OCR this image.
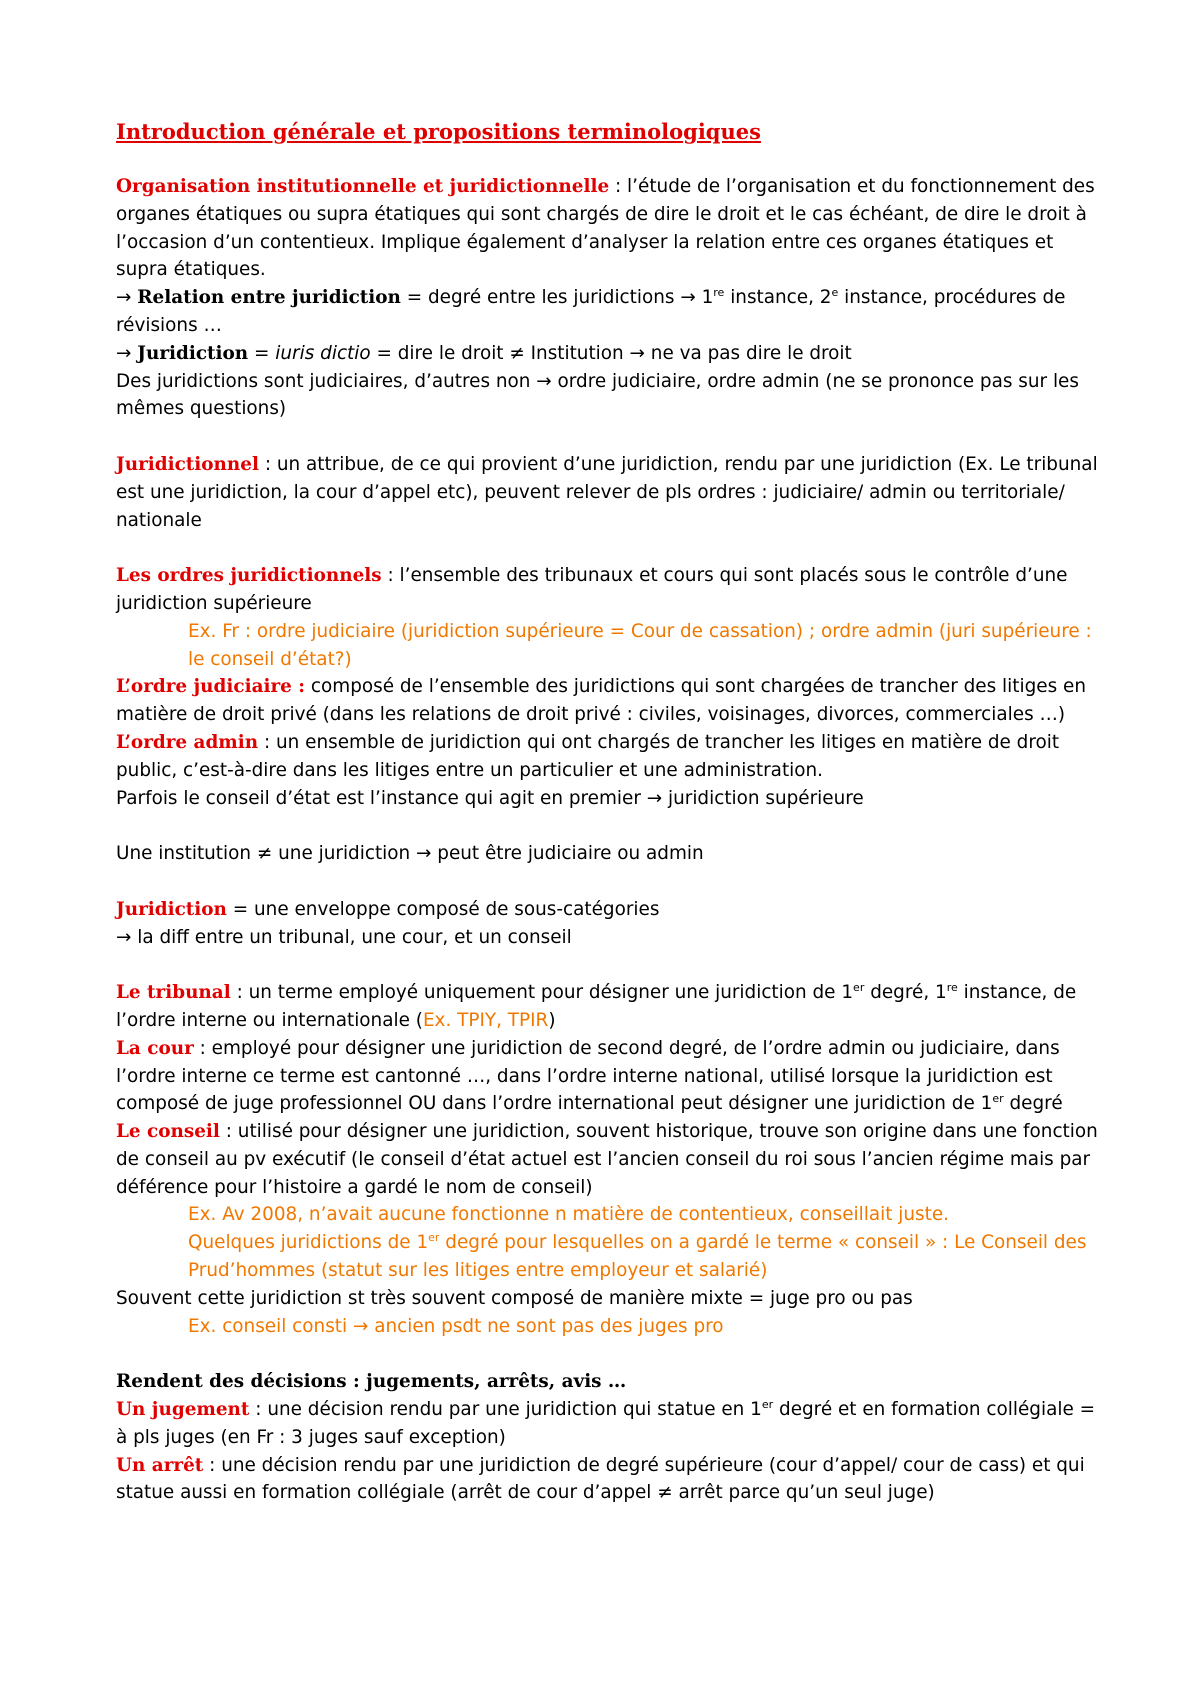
Introduction générale et propositions terminologiques

Organisation institutionnelle et juridictionnelle : l’étude de l’organisation et du fonctionnement des organes étatiques ou supra étatiques qui sont chargés de dire le droit et le cas échéant, de dire le droit à l’occasion d’un contentieux. Implique également d’analyser la relation entre ces organes étatiques et supra étatiques.

→ Relation entre juridiction = degré entre les juridictions → 1re instance, 2e instance, procédures de révisions …

→ Juridiction = iuris dictio = dire le droit ≠ Institution → ne va pas dire le droit

Des juridictions sont judiciaires, d’autres non → ordre judiciaire, ordre admin (ne se prononce pas sur les mêmes questions)

Juridictionnel : un attribue, de ce qui provient d’une juridiction, rendu par une juridiction (Ex. Le tribunal est une juridiction, la cour d’appel etc), peuvent relever de pls ordres : judiciaire/ admin ou territoriale/ nationale

Les ordres juridictionnels : l’ensemble des tribunaux et cours qui sont placés sous le contrôle d’une juridiction supérieure

Ex. Fr : ordre judiciaire (juridiction supérieure = Cour de cassation) ; ordre admin (juri supérieure : le conseil d’état?)

L’ordre judiciaire : composé de l’ensemble des juridictions qui sont chargées de trancher des litiges en matière de droit privé (dans les relations de droit privé : civiles, voisinages, divorces, commerciales …)

L’ordre admin : un ensemble de juridiction qui ont chargés de trancher les litiges en matière de droit public, c’est-à-dire dans les litiges entre un particulier et une administration.

Parfois le conseil d’état est l’instance qui agit en premier → juridiction supérieure

Une institution ≠ une juridiction → peut être judiciaire ou admin

Juridiction = une enveloppe composé de sous-catégories

→ la diff entre un tribunal, une cour, et un conseil

Le tribunal : un terme employé uniquement pour désigner une juridiction de 1er degré, 1re instance, de l’ordre interne ou internationale (Ex. TPIY, TPIR)

La cour : employé pour désigner une juridiction de second degré, de l’ordre admin ou judiciaire, dans l’ordre interne ce terme est cantonné …, dans l’ordre interne national, utilisé lorsque la juridiction est composé de juge professionnel OU dans l’ordre international peut désigner une juridiction de 1er degré

Le conseil : utilisé pour désigner une juridiction, souvent historique, trouve son origine dans une fonction de conseil au pv exécutif (le conseil d’état actuel est l’ancien conseil du roi sous l’ancien régime mais par déférence pour l’histoire a gardé le nom de conseil)

Ex. Av 2008, n’avait aucune fonctionne n matière de contentieux, conseillait juste.

Quelques juridictions de 1er degré pour lesquelles on a gardé le terme « conseil » : Le Conseil des Prud’hommes (statut sur les litiges entre employeur et salarié)

Souvent cette juridiction st très souvent composé de manière mixte = juge pro ou pas

Ex. conseil consti → ancien psdt ne sont pas des juges pro

Rendent des décisions : jugements, arrêts, avis …

Un jugement : une décision rendu par une juridiction qui statue en 1er degré et en formation collégiale = à pls juges (en Fr : 3 juges sauf exception)

Un arrêt : une décision rendu par une juridiction de degré supérieure (cour d’appel/ cour de cass) et qui statue aussi en formation collégiale (arrêt de cour d’appel ≠ arrêt parce qu’un seul juge)
